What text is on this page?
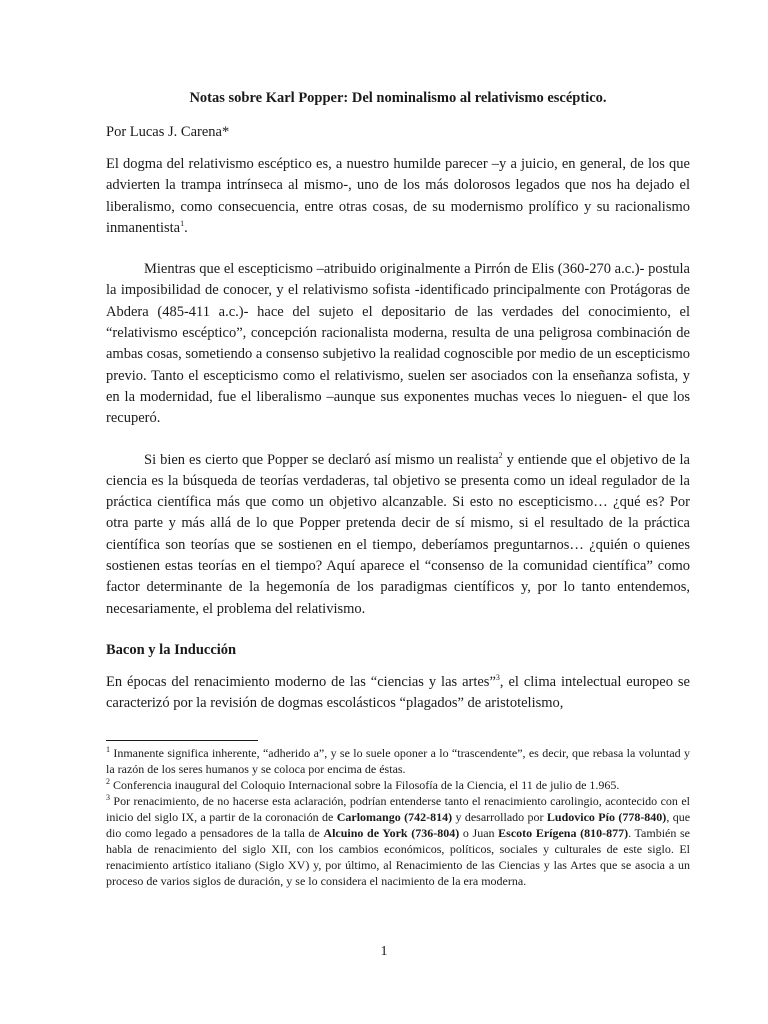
Notas sobre Karl Popper: Del nominalismo al relativismo escéptico.
Por Lucas J. Carena*

El dogma del relativismo escéptico es, a nuestro humilde parecer –y a juicio, en general, de los que advierten la trampa intrínseca al mismo-, uno de los más dolorosos legados que nos ha dejado el liberalismo, como consecuencia, entre otras cosas, de su modernismo prolífico y su racionalismo inmanentista$^1$.

Mientras que el escepticismo –atribuido originalmente a Pirrón de Elis (360-270 a.c.)- postula la imposibilidad de conocer, y el relativismo sofista -identificado principalmente con Protágoras de Abdera (485-411 a.c.)- hace del sujeto el depositario de las verdades del conocimiento, el “relativismo escéptico”, concepción racionalista moderna, resulta de una peligrosa combinación de ambas cosas, sometiendo a consenso subjetivo la realidad cognoscible por medio de un escepticismo previo. Tanto el escepticismo como el relativismo, suelen ser asociados con la enseñanza sofista, y en la modernidad, fue el liberalismo –aunque sus exponentes muchas veces lo nieguen- el que los recuperó.

Si bien es cierto que Popper se declaró así mismo un realista$^2$ y entiende que el objetivo de la ciencia es la búsqueda de teorías verdaderas, tal objetivo se presenta como un ideal regulador de la práctica científica más que como un objetivo alcanzable. Si esto no escepticismo… ¿qué es? Por otra parte y más allá de lo que Popper pretenda decir de sí mismo, si el resultado de la práctica científica son teorías que se sostienen en el tiempo, deberíamos preguntarnos… ¿quién o quienes sostienen estas teorías en el tiempo? Aquí aparece el “consenso de la comunidad científica” como factor determinante de la hegemonía de los paradigmas científicos y, por lo tanto entendemos, necesariamente, el problema del relativismo.

Bacon y la Inducción

En épocas del renacimiento moderno de las “ciencias y las artes”$^3$, el clima intelectual europeo se caracterizó por la revisión de dogmas escolásticos “plagados” de aristotelismo,

$^1$ Inmanente significa inherente, “adherido a”, y se lo suele oponer a lo “trascendente”, es decir, que rebasa la voluntad y la razón de los seres humanos y se coloca por encima de éstas.
$^2$ Conferencia inaugural del Coloquio Internacional sobre la Filosofía de la Ciencia, el 11 de julio de 1.965.
$^3$ Por renacimiento, de no hacerse esta aclaración, podrían entenderse tanto el renacimiento carolingio, acontecido con el inicio del siglo IX, a partir de la coronación de Carlomango (742-814) y desarrollado por Ludovico Pío (778-840), que dio como legado a pensadores de la talla de Alcuino de York (736-804) o Juan Escoto Erígena (810-877). También se habla de renacimiento del siglo XII, con los cambios económicos, políticos, sociales y culturales de este siglo. El renacimiento artístico italiano (Siglo XV) y, por último, al Renacimiento de las Ciencias y las Artes que se asocia a un proceso de varios siglos de duración, y se lo considera el nacimiento de la era moderna.
1
